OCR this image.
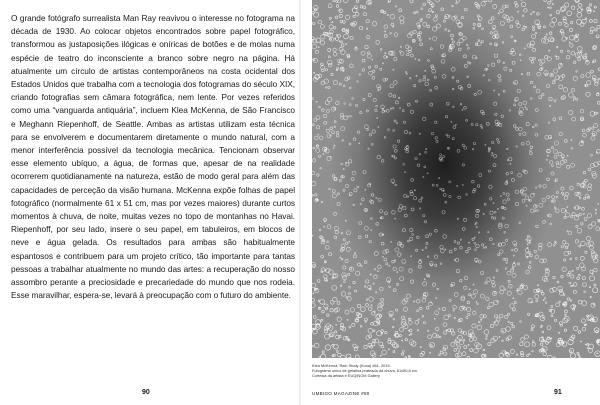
O grande fotógrafo surrealista Man Ray reavivou o interesse no fotograma na década de 1930. Ao colocar objetos encontrados sobre papel fotográfico, transformou as justaposições ilógicas e oníricas de botões e de molas numa espécie de teatro do inconsciente a branco sobre negro na página. Há atualmente um círculo de artistas contemporâneos na costa ocidental dos Estados Unidos que trabalha com a tecnologia dos fotogramas do século XIX, criando fotografias sem câmara fotográfica, nem lente. Por vezes referidos como uma “vanguarda antiquária”, incluem Klea McKenna, de São Francisco e Meghann Riepenhoff, de Seattle. Ambas as artistas utilizam esta técnica para se envolverem e documentarem diretamente o mundo natural, com a menor interferência possível da tecnologia mecânica. Tencionam observar esse elemento ubíquo, a água, de formas que, apesar de na realidade ocorrerem quotidianamente na natureza, estão de modo geral para além das capacidades de perceção da visão humana. McKenna expõe folhas de papel fotográfico (normalmente 61 x 51 cm, mas por vezes maiores) durante curtos momentos à chuva, de noite, muitas vezes no topo de montanhas no Havai. Riepenhoff, por seu lado, insere o seu papel, em tabuleiros, em blocos de neve e água gelada. Os resultados para ambas são habitualmente espantosos e contribuem para um projeto crítico, tão importante para tantas pessoas a trabalhar atualmente no mundo das artes: a recuperação do nosso assombro perante a preciosidade e precariedade do mundo que nos rodeia. Esse maravilhar, espera-se, levará à preocupação com o futuro do ambiente.

Klea McKenna, Rain Study (Kona) #61, 2015.
Fotograma único de gelatina prateada da chuva, 61x50,8 cm.
Cortesia da artista e EUQINOM Gallery
90	UMBIGO MAGAZINE #80	91
